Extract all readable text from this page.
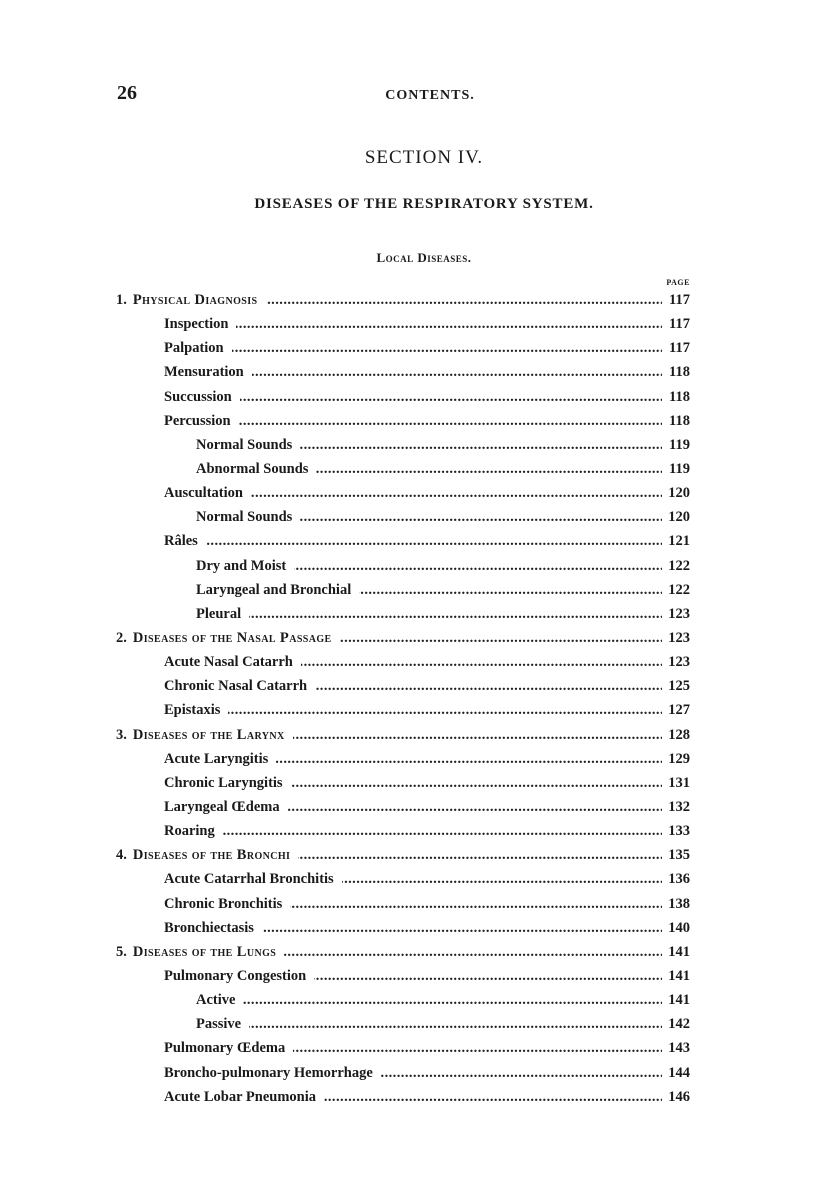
26	CONTENTS.
SECTION IV.
DISEASES OF THE RESPIRATORY SYSTEM.
Local Diseases.
PAGE
. . .
1. Physical Diagnosis	117
. . .
Inspection	117
. . .
Palpation	117
. . .
Mensuration	118
. . .
Succussion	118
. . .
Percussion	118
. . .
Normal Sounds	119
. . .
Abnormal Sounds	119
. . .
Auscultation	120
. . .
Normal Sounds	120
. . .
Râles	121
. . .
Dry and Moist	122
. . .
Laryngeal and Bronchial	122
. . .
Pleural	123
. . .
2. Diseases of the Nasal Passage	123
. . .
Acute Nasal Catarrh	123
. . .
Chronic Nasal Catarrh	125
. . .
Epistaxis	127
. . .
3. Diseases of the Larynx	128
. . .
Acute Laryngitis	129
. . .
Chronic Laryngitis	131
. . .
Laryngeal Œdema	132
. . .
Roaring	133
. . .
4. Diseases of the Bronchi	135
. . .
Acute Catarrhal Bronchitis	136
. . .
Chronic Bronchitis	138
. . .
Bronchiectasis	140
. . .
5. Diseases of the Lungs	141
. . .
Pulmonary Congestion	141
. . .
Active	141
. . .
Passive	142
. . .
Pulmonary Œdema	143
. . .
Broncho-pulmonary Hemorrhage	144
. . .
Acute Lobar Pneumonia	146
